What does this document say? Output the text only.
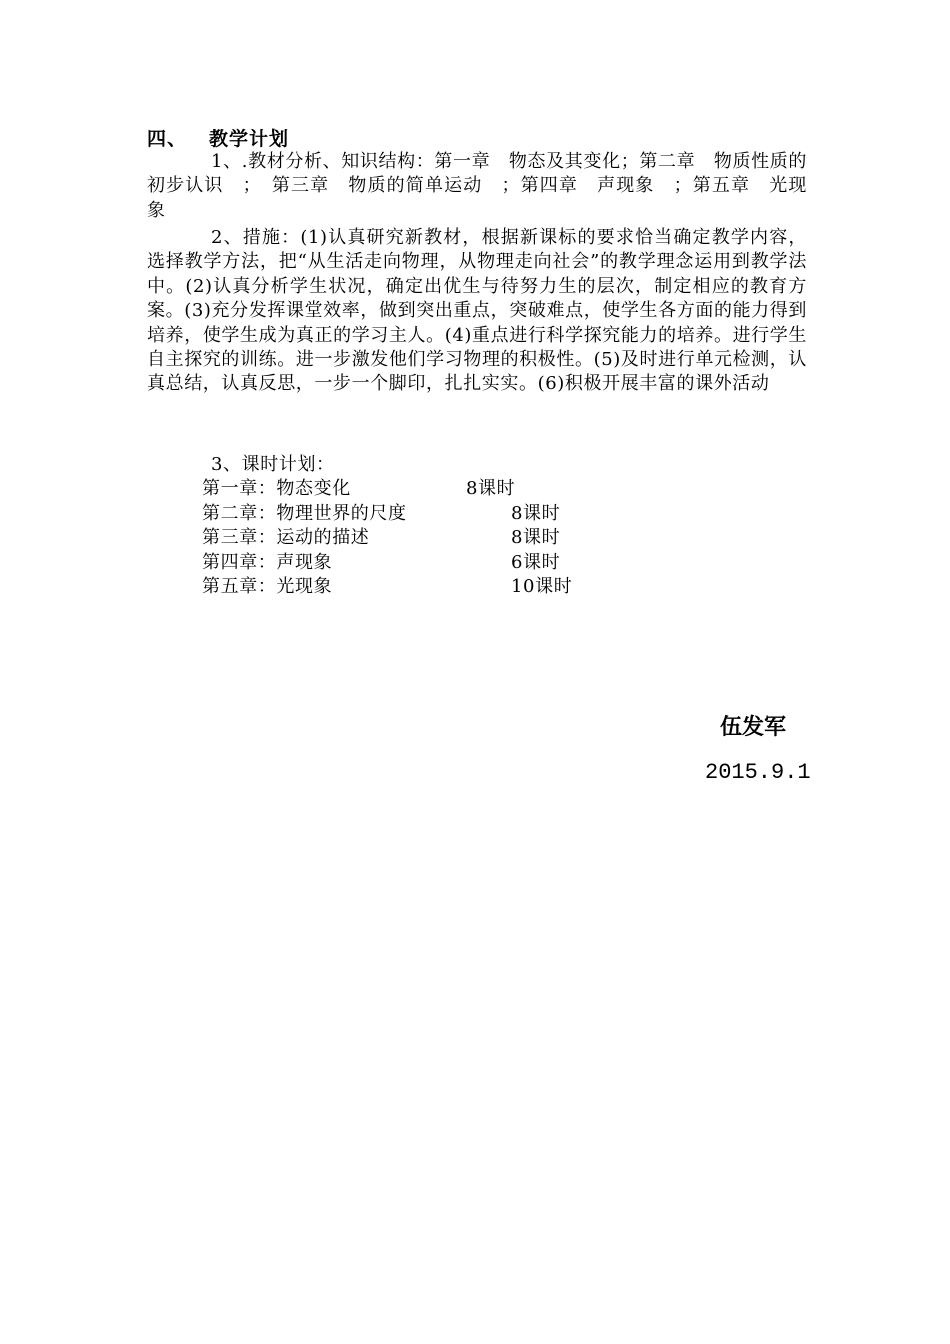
四、 教学计划
1、.教材分析、知识结构：第一章　物态及其变化；第二章　物质性质的初步认识　；　第三章　物质的简单运动　；第四章　声现象　；第五章　光现象
2、措施：(1)认真研究新教材，根据新课标的要求恰当确定教学内容，选择教学方法，把“从生活走向物理，从物理走向社会”的教学理念运用到教学法中。(2)认真分析学生状况，确定出优生与待努力生的层次，制定相应的教育方案。(3)充分发挥课堂效率，做到突出重点，突破难点，使学生各方面的能力得到培养，使学生成为真正的学习主人。(4)重点进行科学探究能力的培养。进行学生自主探究的训练。进一步激发他们学习物理的积极性。(5)及时进行单元检测，认真总结，认真反思，一步一个脚印，扎扎实实。(6)积极开展丰富的课外活动
3、课时计划：
第一章：物态变化	8课时
第二章：物理世界的尺度	8课时
第三章：运动的描述	8课时
第四章：声现象	6课时
第五章：光现象	10课时
伍发军
2015.9.1
